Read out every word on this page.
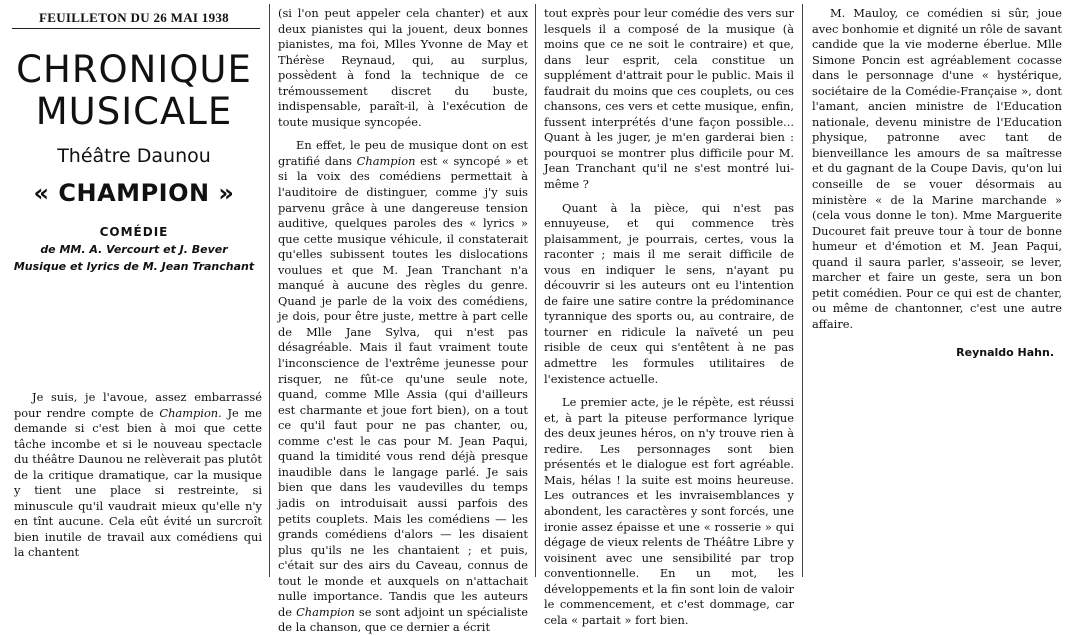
FEUILLETON DU 26 MAI 1938
CHRONIQUE
MUSICALE
Théâtre Daunou
« CHAMPION »
COMÉDIE
de MM. A. Vercourt et J. Bever
Musique et lyrics de M. Jean Tranchant

Je suis, je l'avoue, assez embarrassé pour rendre compte de Champion. Je me demande si c'est bien à moi que cette tâche incombe et si le nouveau spectacle du théâtre Daunou ne relèverait pas plutôt de la critique dramatique, car la musique y tient une place si restreinte, si minuscule qu'il vaudrait mieux qu'elle n'y en tînt aucune. Cela eût évité un surcroît bien inutile de travail aux comédiens qui la chantent

(si l'on peut appeler cela chanter) et aux deux pianistes qui la jouent, deux bonnes pianistes, ma foi, Mlles Yvonne de May et Thérèse Reynaud, qui, au surplus, possèdent à fond la technique de ce trémoussement discret du buste, indispensable, paraît-il, à l'exécution de toute musique syncopée.

En effet, le peu de musique dont on est gratifié dans Champion est « syncopé » et si la voix des comédiens permettait à l'auditoire de distinguer, comme j'y suis parvenu grâce à une dangereuse tension auditive, quelques paroles des « lyrics » que cette musique véhicule, il constaterait qu'elles subissent toutes les dislocations voulues et que M. Jean Tranchant n'a manqué à aucune des règles du genre. Quand je parle de la voix des comédiens, je dois, pour être juste, mettre à part celle de Mlle Jane Sylva, qui n'est pas désagréable. Mais il faut vraiment toute l'inconscience de l'extrême jeunesse pour risquer, ne fût-ce qu'une seule note, quand, comme Mlle Assia (qui d'ailleurs est charmante et joue fort bien), on a tout ce qu'il faut pour ne pas chanter, ou, comme c'est le cas pour M. Jean Paqui, quand la timidité vous rend déjà presque inaudible dans le langage parlé. Je sais bien que dans les vaudevilles du temps jadis on introduisait aussi parfois des petits couplets. Mais les comédiens — les grands comédiens d'alors — les disaient plus qu'ils ne les chantaient ; et puis, c'était sur des airs du Caveau, connus de tout le monde et auxquels on n'attachait nulle importance. Tandis que les auteurs de Champion se sont adjoint un spécialiste de la chanson, que ce dernier a écrit

tout exprès pour leur comédie des vers sur lesquels il a composé de la musique (à moins que ce ne soit le contraire) et que, dans leur esprit, cela constitue un supplément d'attrait pour le public. Mais il faudrait du moins que ces couplets, ou ces chansons, ces vers et cette musique, enfin, fussent interprétés d'une façon possible... Quant à les juger, je m'en garderai bien : pourquoi se montrer plus difficile pour M. Jean Tranchant qu'il ne s'est montré lui-même ?

Quant à la pièce, qui n'est pas ennuyeuse, et qui commence très plaisamment, je pourrais, certes, vous la raconter ; mais il me serait difficile de vous en indiquer le sens, n'ayant pu découvrir si les auteurs ont eu l'intention de faire une satire contre la prédominance tyrannique des sports ou, au contraire, de tourner en ridicule la naïveté un peu risible de ceux qui s'entêtent à ne pas admettre les formules utilitaires de l'existence actuelle.

Le premier acte, je le répète, est réussi et, à part la piteuse performance lyrique des deux jeunes héros, on n'y trouve rien à redire. Les personnages sont bien présentés et le dialogue est fort agréable. Mais, hélas ! la suite est moins heureuse. Les outrances et les invraisemblances y abondent, les caractères y sont forcés, une ironie assez épaisse et une « rosserie » qui dégage de vieux relents de Théâtre Libre y voisinent avec une sensibilité par trop conventionnelle. En un mot, les développements et la fin sont loin de valoir le commencement, et c'est dommage, car cela « partait » fort bien.

M. Mauloy, ce comédien si sûr, joue avec bonhomie et dignité un rôle de savant candide que la vie moderne éberlue. Mlle Simone Poncin est agréablement cocasse dans le personnage d'une « hystérique, sociétaire de la Comédie-Française », dont l'amant, ancien ministre de l'Education nationale, devenu ministre de l'Education physique, patronne avec tant de bienveillance les amours de sa maîtresse et du gagnant de la Coupe Davis, qu'on lui conseille de se vouer désormais au ministère « de la Marine marchande » (cela vous donne le ton). Mme Marguerite Ducouret fait preuve tour à tour de bonne humeur et d'émotion et M. Jean Paqui, quand il saura parler, s'asseoir, se lever, marcher et faire un geste, sera un bon petit comédien. Pour ce qui est de chanter, ou même de chantonner, c'est une autre affaire.

Reynaldo Hahn.
